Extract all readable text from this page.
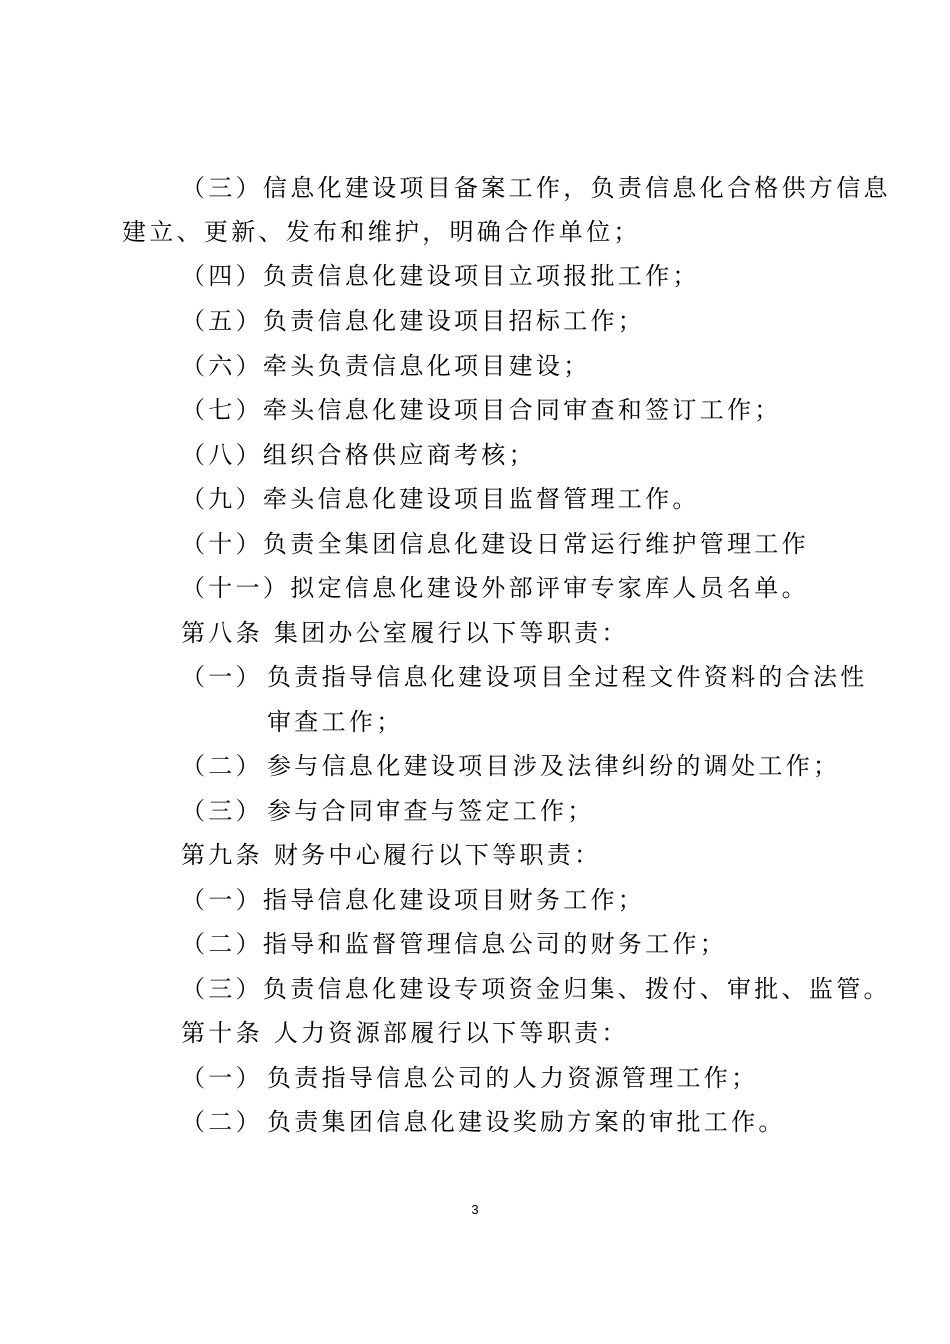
（三）信息化建设项目备案工作，负责信息化合格供方信息
建立、更新、发布和维护，明确合作单位；
（四）负责信息化建设项目立项报批工作；
（五）负责信息化建设项目招标工作；
（六）牵头负责信息化项目建设；
（七）牵头信息化建设项目合同审查和签订工作；
（八）组织合格供应商考核；
（九）牵头信息化建设项目监督管理工作。
（十）负责全集团信息化建设日常运行维护管理工作
（十一）拟定信息化建设外部评审专家库人员名单。
第八条 集团办公室履行以下等职责：
（一） 负责指导信息化建设项目全过程文件资料的合法性
审查工作；
（二） 参与信息化建设项目涉及法律纠纷的调处工作；
（三） 参与合同审查与签定工作；
第九条 财务中心履行以下等职责：
（一）指导信息化建设项目财务工作；
（二）指导和监督管理信息公司的财务工作；
（三）负责信息化建设专项资金归集、拨付、审批、监管。
第十条 人力资源部履行以下等职责：
（一） 负责指导信息公司的人力资源管理工作；
（二） 负责集团信息化建设奖励方案的审批工作。
3
